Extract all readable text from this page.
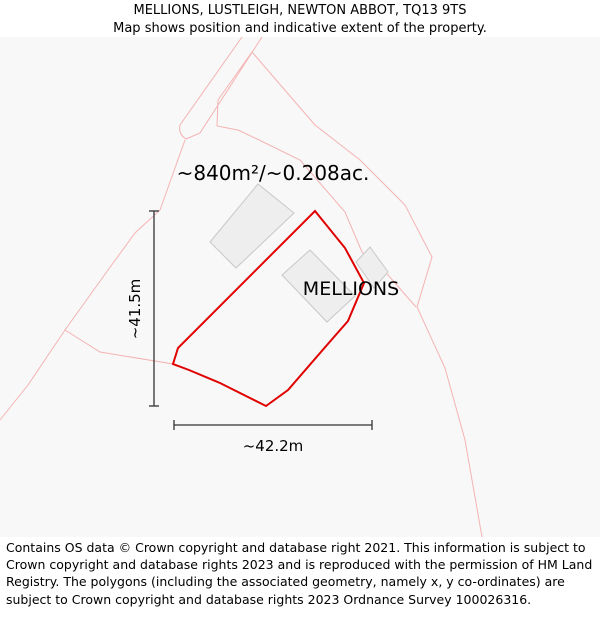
MELLIONS, LUSTLEIGH, NEWTON ABBOT, TQ13 9TS
Map shows position and indicative extent of the property.
~840m²/~0.208ac.
MELLIONS
~41.5m
~42.2m
Contains OS data © Crown copyright and database right 2021. This information is subject to Crown copyright and database rights 2023 and is reproduced with the permission of HM Land Registry. The polygons (including the associated geometry, namely x, y co-ordinates) are subject to Crown copyright and database rights 2023 Ordnance Survey 100026316.
